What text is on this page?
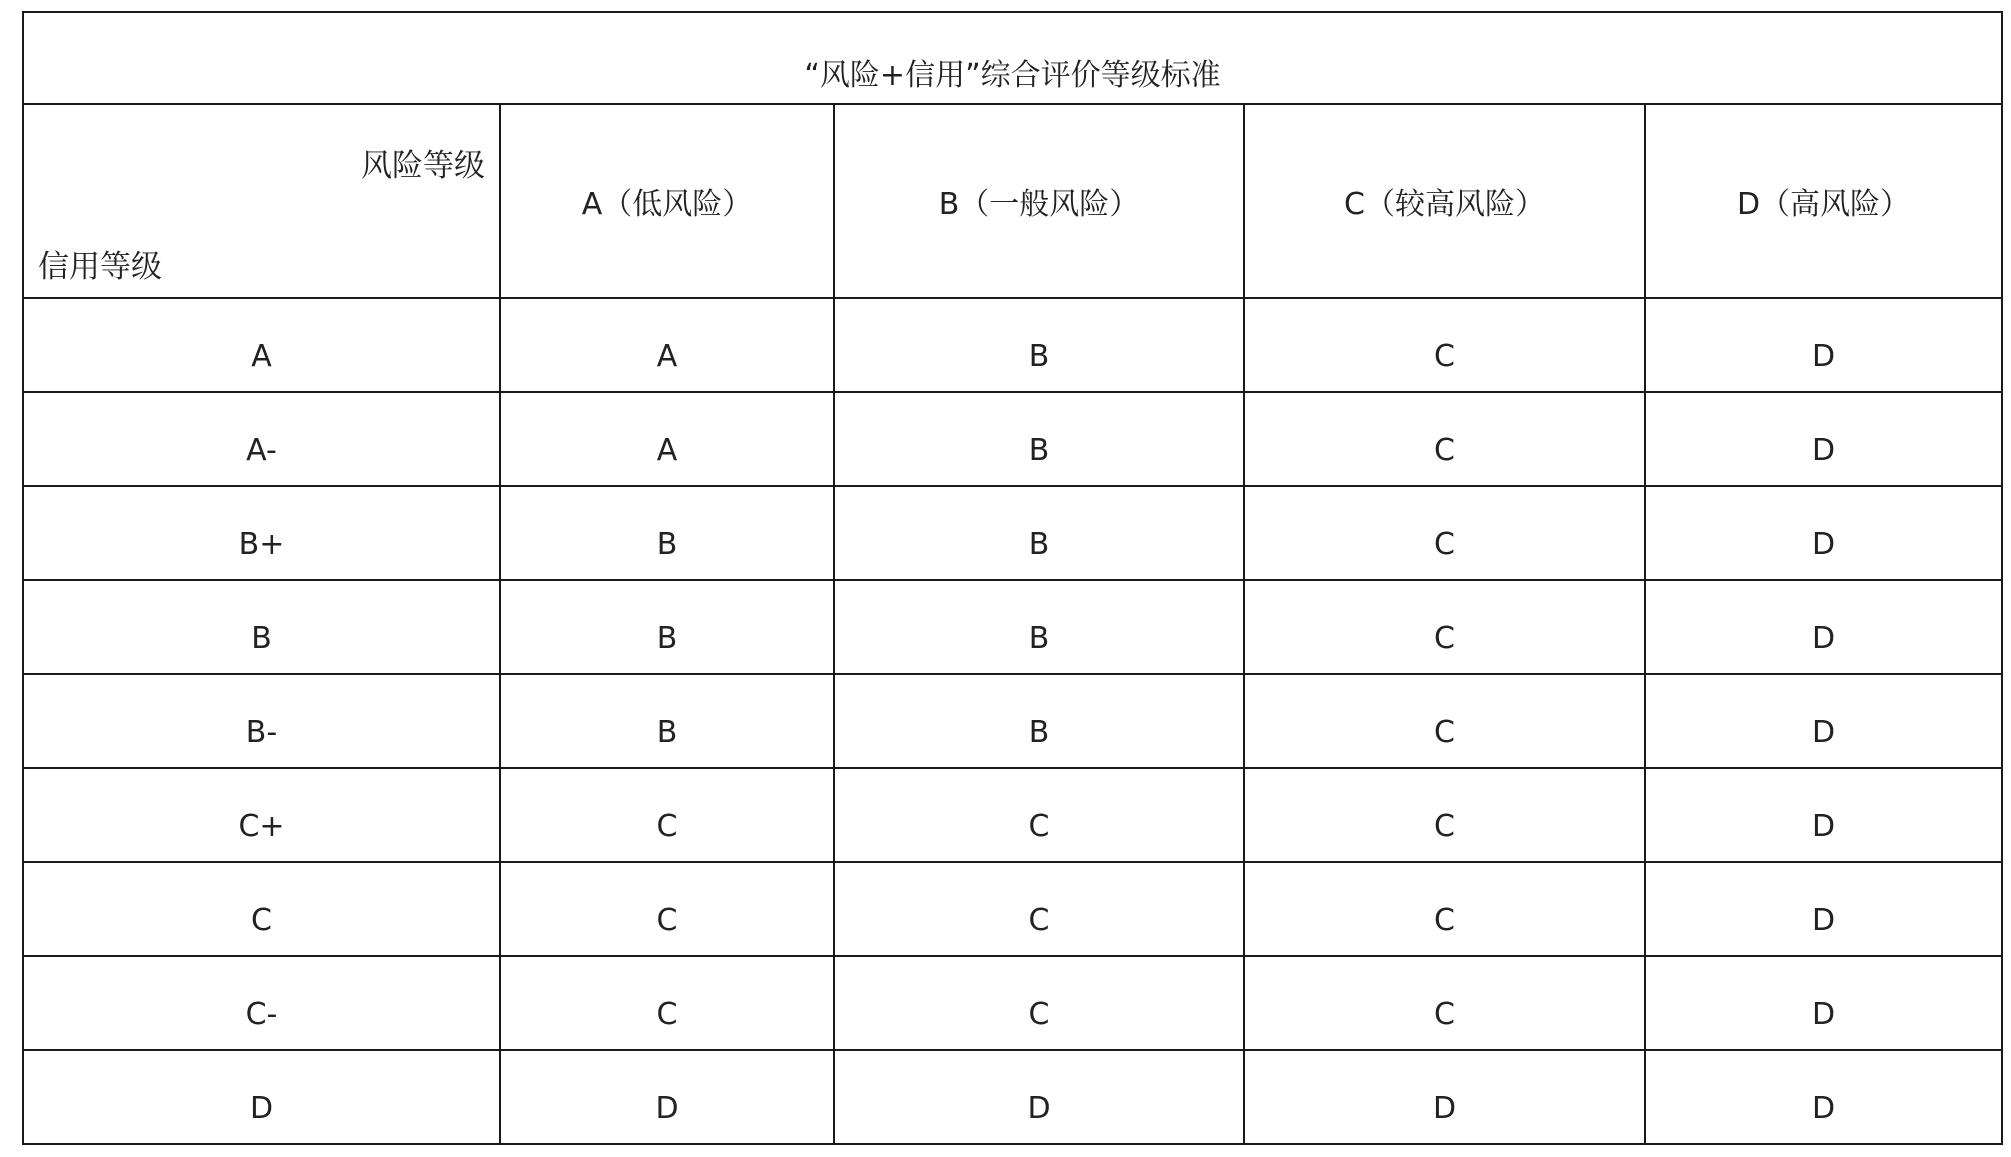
“风险+信用”综合评价等级标准				

风险等级
信用等级	A（低风险）	B（一般风险）	C（较高风险）	D（高风险）
A	A	B	C	D
A-	A	B	C	D
B+	B	B	C	D
B	B	B	C	D
B-	B	B	C	D
C+	C	C	C	D
C	C	C	C	D
C-	C	C	C	D
D	D	D	D	D
